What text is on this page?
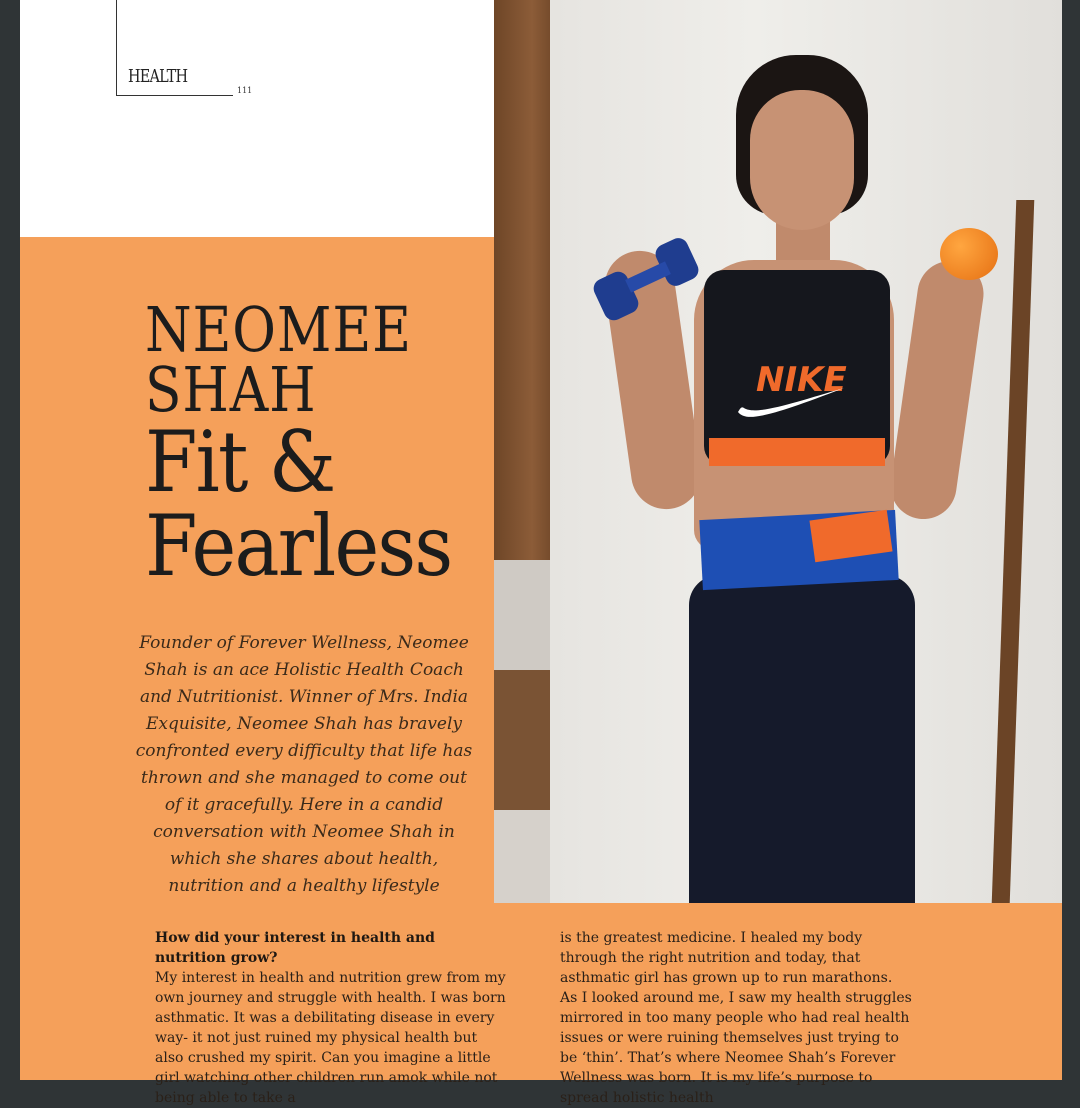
HEALTH
111
NEOMEE
SHAH
Fit &
Fearless
Founder of Forever Wellness, Neomee Shah is an ace Holistic Health Coach and Nutritionist. Winner of Mrs. India Exquisite, Neomee Shah has bravely confronted every difficulty that life has thrown and she managed to come out of it gracefully. Here in a candid conversation with Neomee Shah in which she shares about health, nutrition and a healthy lifestyle
NIKE
How did your interest in health and nutrition grow?
My interest in health and nutrition grew from my own journey and struggle with health. I was born asthmatic. It was a debilitating disease in every way- it not just ruined my physical health but also crushed my spirit. Can you imagine a little girl watching other children run amok while not being able to take a
is the greatest medicine. I healed my body through the right nutrition and today, that asthmatic girl has grown up to run marathons. As I looked around me, I saw my health struggles mirrored in too many people who had real health issues or were ruining themselves just trying to be ‘thin’. That’s where Neomee Shah’s Forever Wellness was born. It is my life’s purpose to spread holistic health
